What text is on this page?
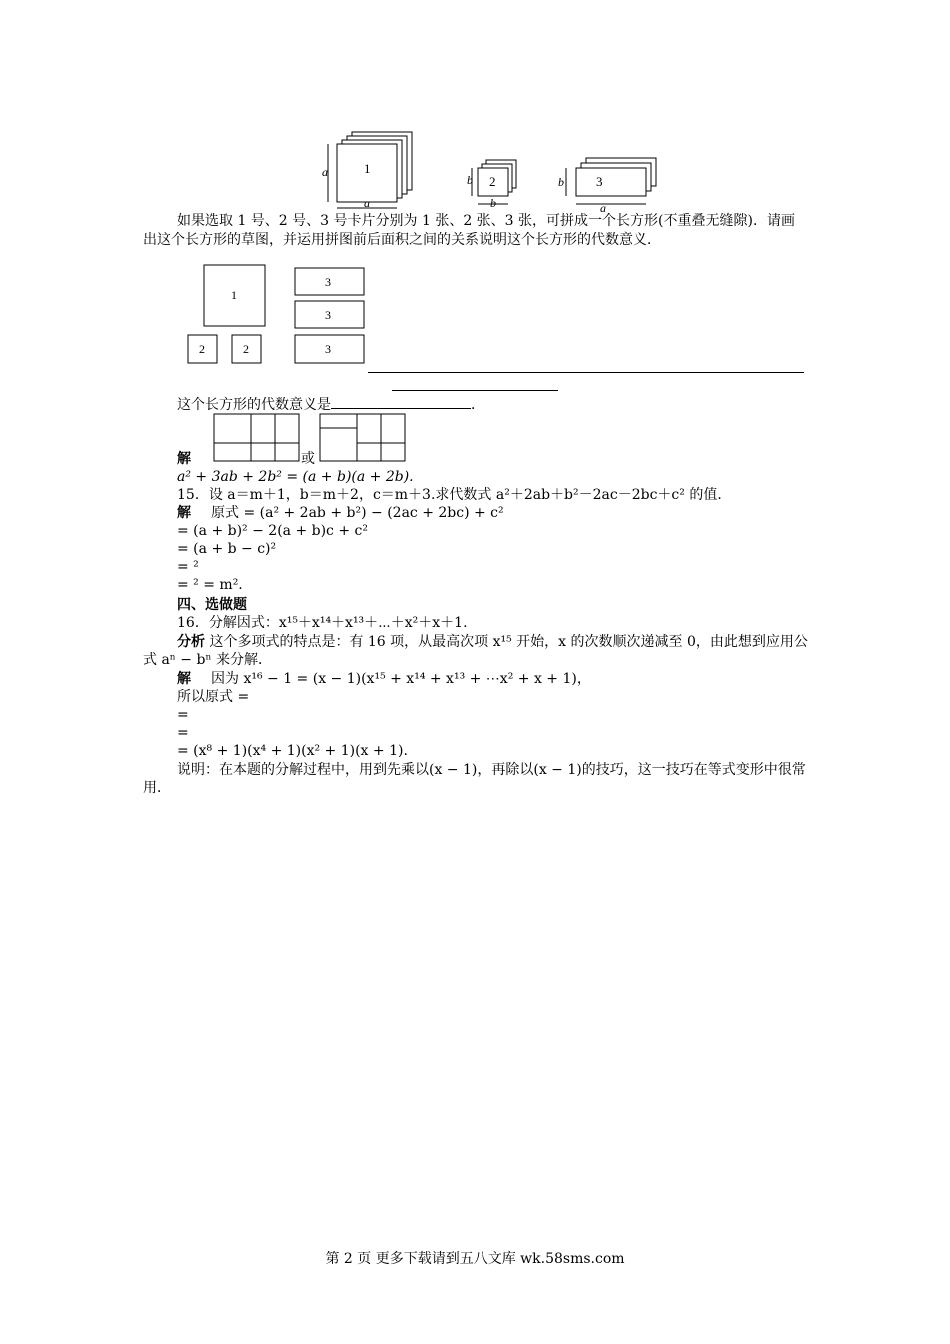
1
a
a
2
b
b
3
b
a
如果选取 1 号、2 号、3 号卡片分别为 1 张、2 张、3 张，可拼成一个长方形(不重叠无缝隙)．请画出这个长方形的草图，并运用拼图前后面积之间的关系说明这个长方形的代数意义．
1
2	2
3
3
3
这个长方形的代数意义是	．
解	或
a² + 3ab + 2b² = (a + b)(a + 2b).
15．设 a＝m＋1，b＝m＋2，c＝m＋3.求代数式 a²＋2ab＋b²－2ac－2bc＋c² 的值．
解 原式 = (a² + 2ab + b²) − (2ac + 2bc) + c²
= (a + b)² − 2(a + b)c + c²
= (a + b − c)²
= ²
= ² = m².
四、选做题
16．分解因式：x¹⁵＋x¹⁴＋x¹³＋⋯＋x²＋x＋1.
分析 这个多项式的特点是：有 16 项，从最高次项 x¹⁵ 开始，x 的次数顺次递减至 0，由此想到应用公式 aⁿ − bⁿ 来分解．
解 因为 x¹⁶ − 1 = (x − 1)(x¹⁵ + x¹⁴ + x¹³ + ⋯x² + x + 1)，
所以原式 =
=
=
= (x⁸ + 1)(x⁴ + 1)(x² + 1)(x + 1).
说明：在本题的分解过程中，用到先乘以(x − 1)，再除以(x − 1)的技巧，这一技巧在等式变形中很常用．
第 2 页 更多下载请到五八文库 wk.58sms.com
